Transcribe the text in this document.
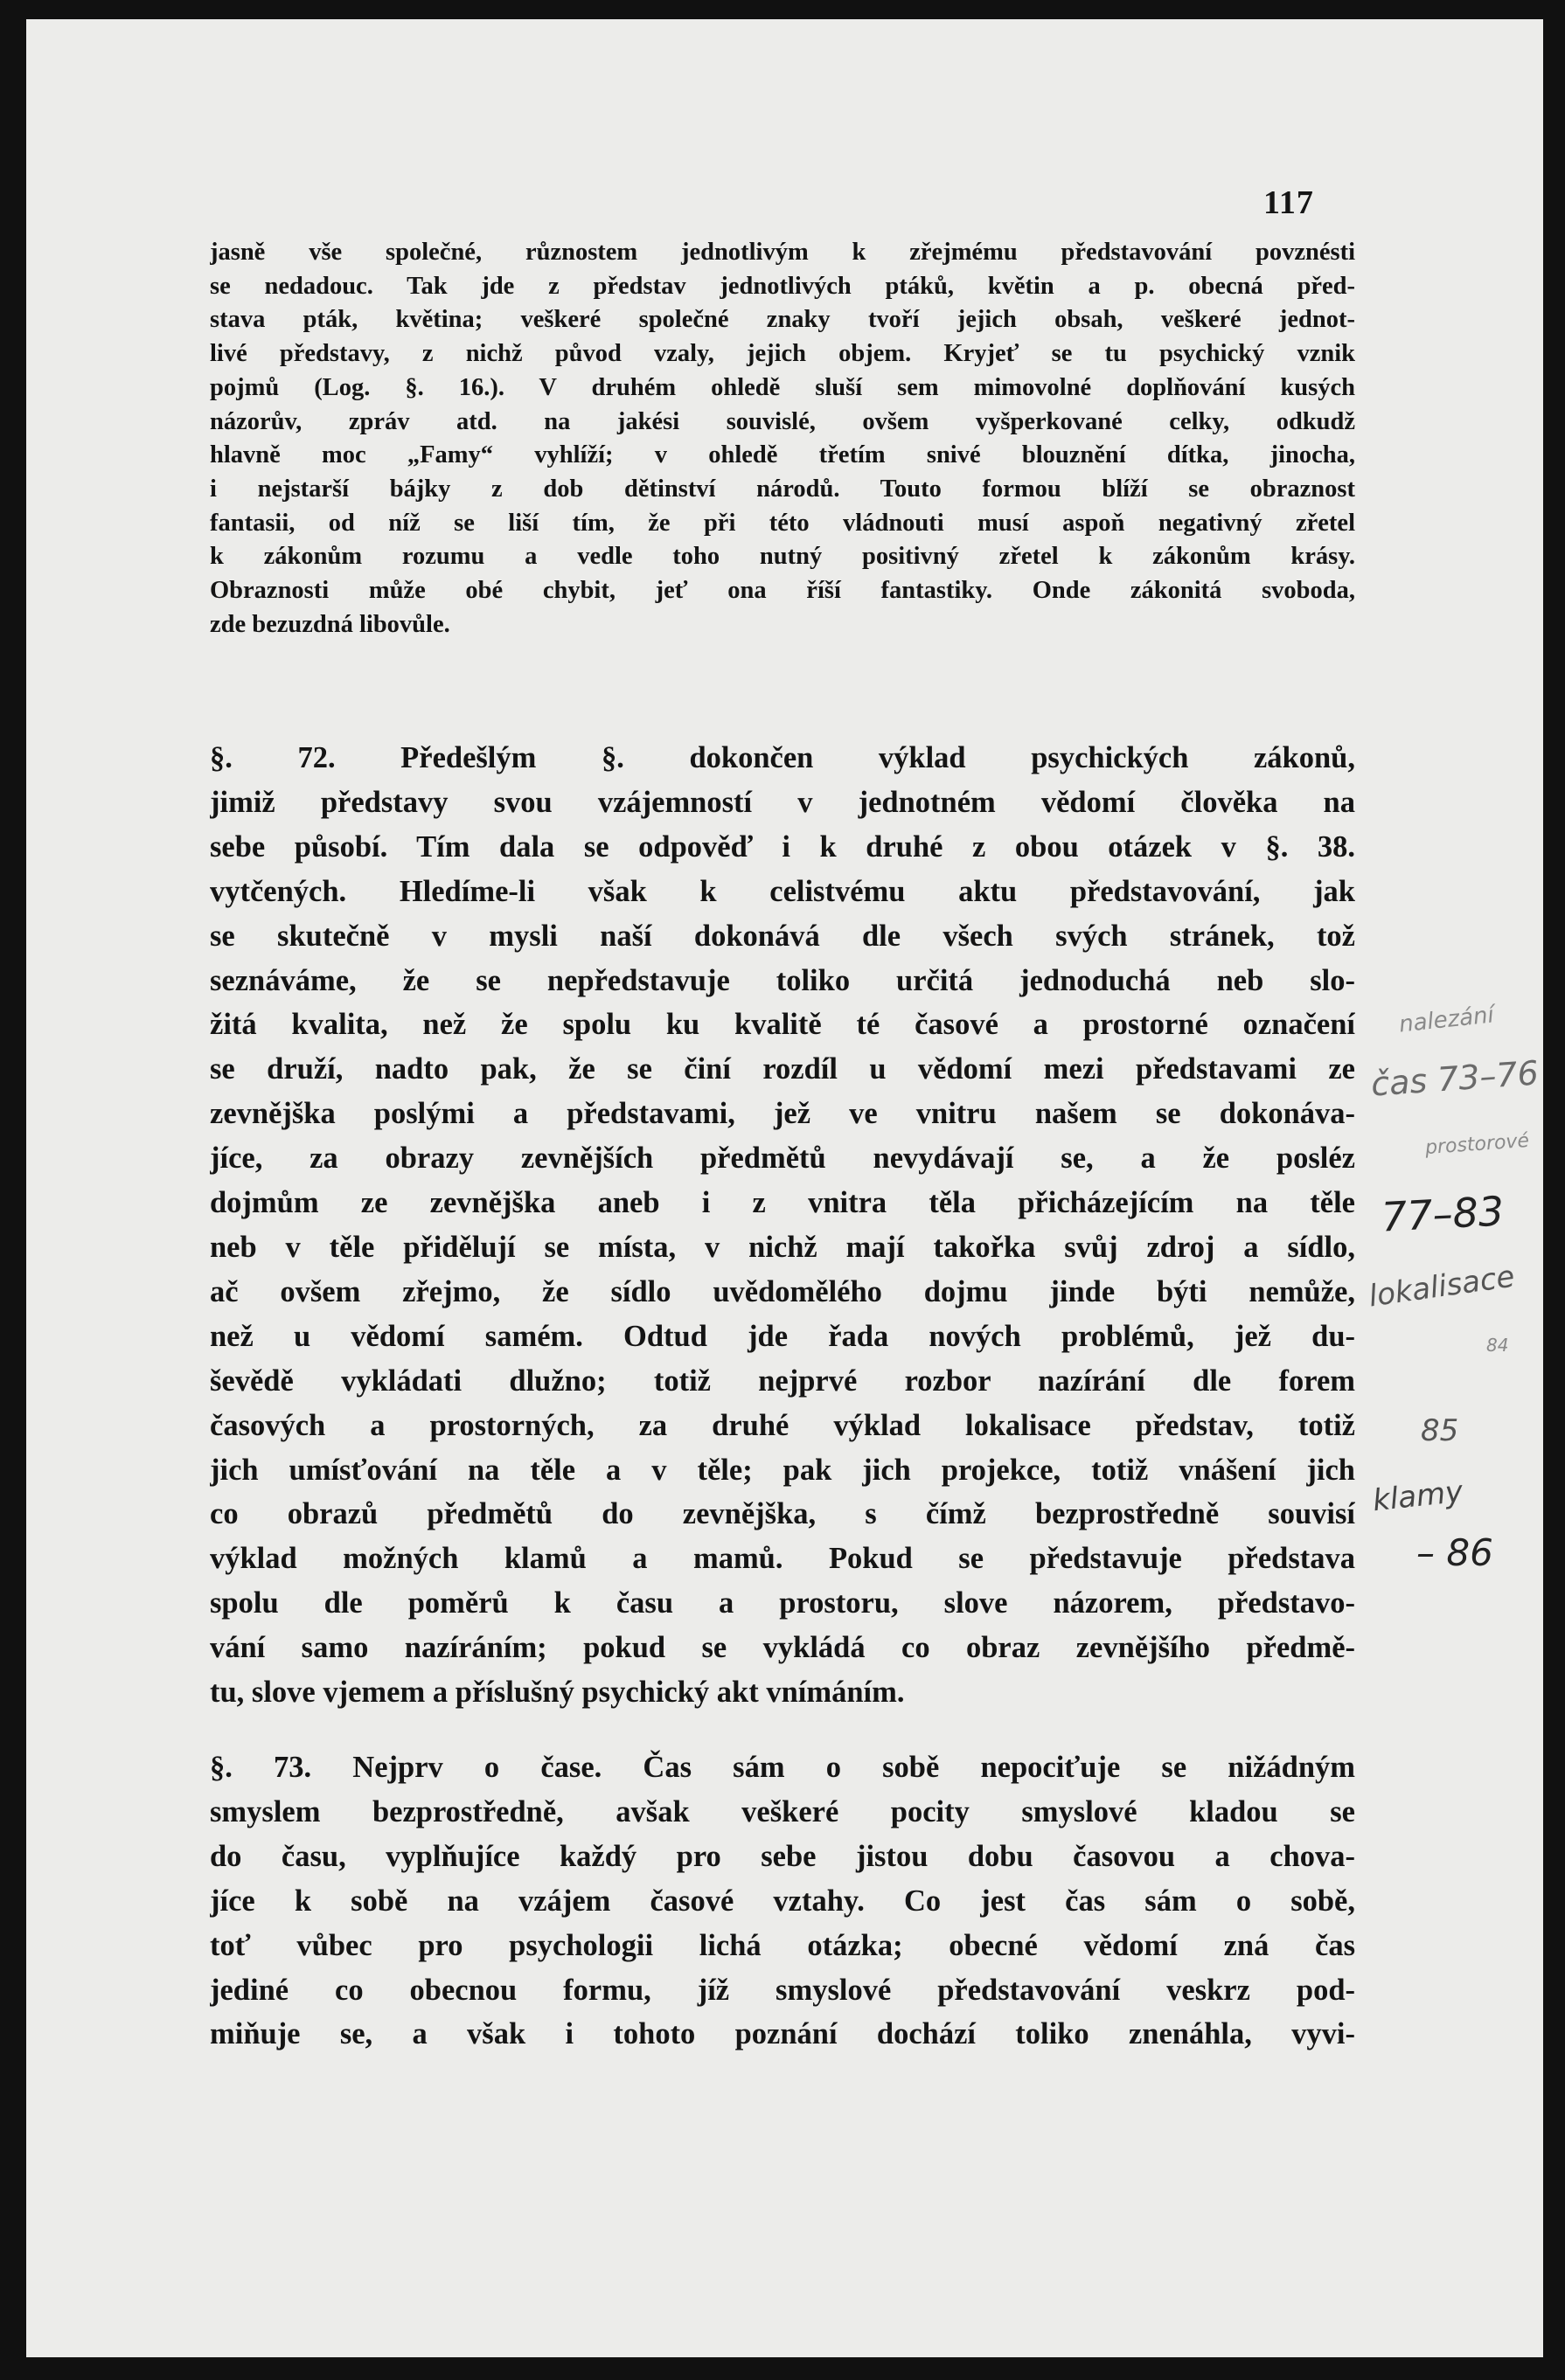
117
jasně vše společné, různostem jednotlivým k zřejmému představování povznésti
se nedadouc. Tak jde z představ jednotlivých ptáků, květin a p. obecná před-
stava pták, květina; veškeré společné znaky tvoří jejich obsah, veškeré jednot-
livé představy, z nichž původ vzaly, jejich objem. Kryjeť se tu psychický vznik
pojmů (Log. §. 16.). V druhém ohledě sluší sem mimovolné doplňování kusých
názorův, zpráv atd. na jakési souvislé, ovšem vyšperkované celky, odkudž
hlavně moc „Famy“ vyhlíží; v ohledě třetím snivé blouznění dítka, jinocha,
i nejstarší bájky z dob dětinství národů. Touto formou blíží se obraznost
fantasii, od níž se liší tím, že při této vládnouti musí aspoň negativný zřetel
k zákonům rozumu a vedle toho nutný positivný zřetel k zákonům krásy.
Obraznosti může obé chybit, jeť ona říší fantastiky. Onde zákonitá svoboda,
zde bezuzdná libovůle.
§. 72. Předešlým §. dokončen výklad psychických zákonů,
jimiž představy svou vzájemností v jednotném vědomí člověka na
sebe působí. Tím dala se odpověď i k druhé z obou otázek v §. 38.
vytčených. Hledíme-li však k celistvému aktu představování, jak
se skutečně v mysli naší dokonává dle všech svých stránek, tož
seznáváme, že se nepředstavuje toliko určitá jednoduchá neb slo-
žitá kvalita, než že spolu ku kvalitě té časové a prostorné označení
se druží, nadto pak, že se činí rozdíl u vědomí mezi představami ze
zevnějška poslými a představami, jež ve vnitru našem se dokonáva-
jíce, za obrazy zevnějších předmětů nevydávají se, a že posléz
dojmům ze zevnějška aneb i z vnitra těla přicházejícím na těle
neb v těle přidělují se místa, v nichž mají takořka svůj zdroj a sídlo,
ač ovšem zřejmo, že sídlo uvědomělého dojmu jinde býti nemůže,
než u vědomí samém. Odtud jde řada nových problémů, jež du-
ševědě vykládati dlužno; totiž nejprvé rozbor nazírání dle forem
časových a prostorných, za druhé výklad lokalisace představ, totiž
jich umísťování na těle a v těle; pak jich projekce, totiž vnášení jich
co obrazů předmětů do zevnějška, s čímž bezprostředně souvisí
výklad možných klamů a mamů. Pokud se představuje představa
spolu dle poměrů k času a prostoru, slove názorem, představo-
vání samo nazíráním; pokud se vykládá co obraz zevnějšího předmě-
tu, slove vjemem a příslušný psychický akt vnímáním.
§. 73. Nejprv o čase. Čas sám o sobě nepociťuje se nižádným
smyslem bezprostředně, avšak veškeré pocity smyslové kladou se
do času, vyplňujíce každý pro sebe jistou dobu časovou a chova-
jíce k sobě na vzájem časové vztahy. Co jest čas sám o sobě,
toť vůbec pro psychologii lichá otázka; obecné vědomí zná čas
jediné co obecnou formu, jíž smyslové představování veskrz pod-
miňuje se, a však i tohoto poznání dochází toliko znenáhla, vyvi-
nalezání
čas 73–76
prostorové
77–83
lokalisace
84
85
klamy
– 86
